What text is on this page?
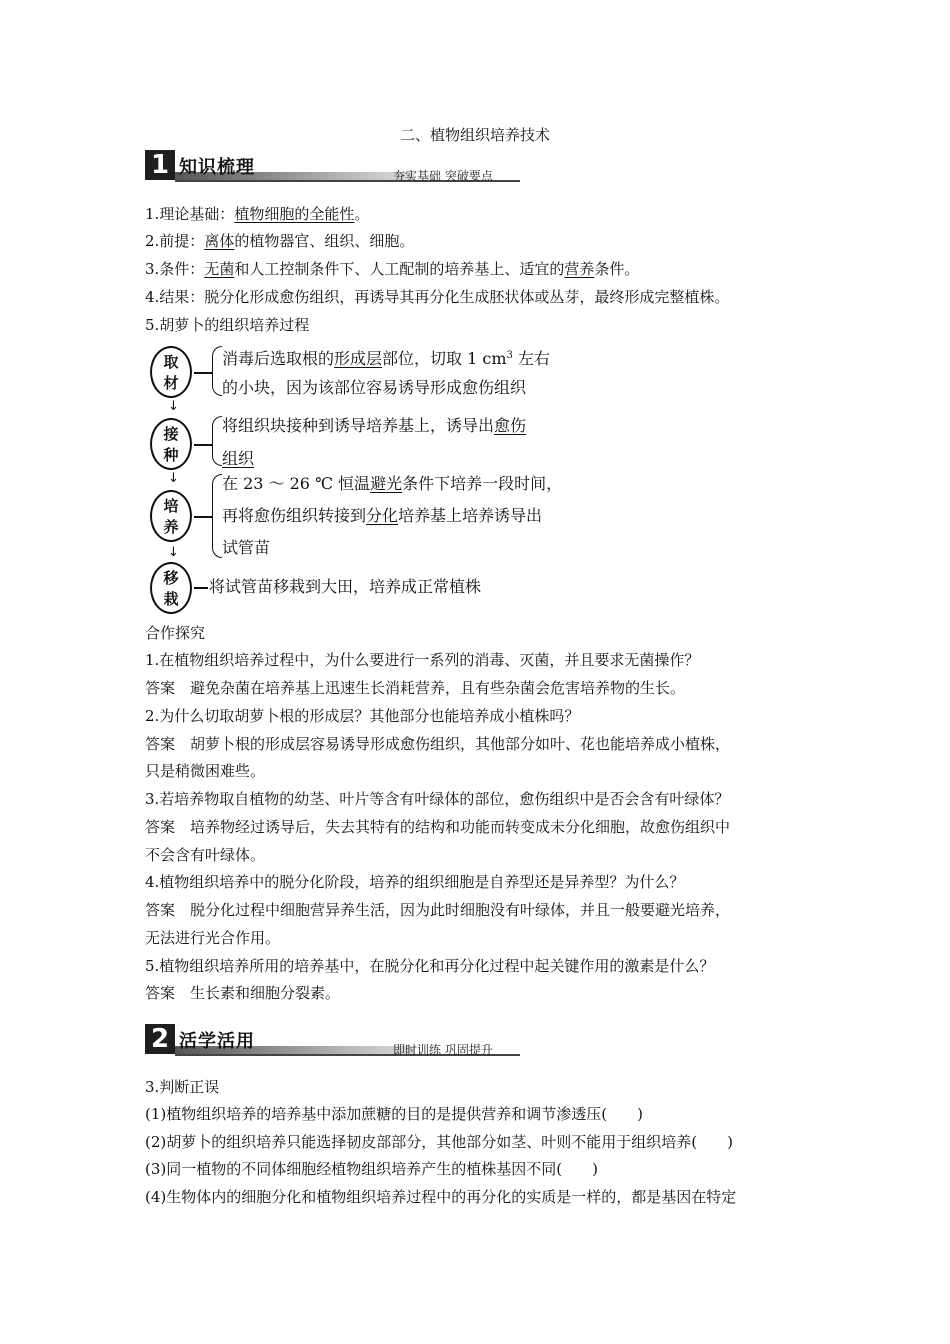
二、植物组织培养技术
1 知识梳理	夯实基础 突破要点
1.理论基础：植物细胞的全能性。
2.前提：离体的植物器官、组织、细胞。
3.条件：无菌和人工控制条件下、人工配制的培养基上、适宜的营养条件。
4.结果：脱分化形成愈伤组织，再诱导其再分化生成胚状体或丛芽，最终形成完整植株。
5.胡萝卜的组织培养过程
取
材
消毒后选取根的形成层部位，切取 1 $cm^3$ 左右
的小块，因为该部位容易诱导形成愈伤组织
↓
接
种
将组织块接种到诱导培养基上，诱导出愈伤
组织
↓
培
养
在 23 ～ 26 ℃ 恒温避光条件下培养一段时间，
再将愈伤组织转接到分化培养基上培养诱导出
试管苗
↓
移
栽
将试管苗移栽到大田，培养成正常植株
合作探究
1.在植物组织培养过程中，为什么要进行一系列的消毒、灭菌，并且要求无菌操作？
答案　避免杂菌在培养基上迅速生长消耗营养，且有些杂菌会危害培养物的生长。
2.为什么切取胡萝卜根的形成层？其他部分也能培养成小植株吗？
答案　胡萝卜根的形成层容易诱导形成愈伤组织，其他部分如叶、花也能培养成小植株，
只是稍微困难些。
3.若培养物取自植物的幼茎、叶片等含有叶绿体的部位，愈伤组织中是否会含有叶绿体？
答案　培养物经过诱导后，失去其特有的结构和功能而转变成未分化细胞，故愈伤组织中
不会含有叶绿体。
4.植物组织培养中的脱分化阶段，培养的组织细胞是自养型还是异养型？为什么？
答案　脱分化过程中细胞营异养生活，因为此时细胞没有叶绿体，并且一般要避光培养，
无法进行光合作用。
5.植物组织培养所用的培养基中，在脱分化和再分化过程中起关键作用的激素是什么？
答案　生长素和细胞分裂素。
2 活学活用	即时训练 巩固提升
3.判断正误
(1)植物组织培养的培养基中添加蔗糖的目的是提供营养和调节渗透压(　　)
(2)胡萝卜的组织培养只能选择韧皮部部分，其他部分如茎、叶则不能用于组织培养(　　)
(3)同一植物的不同体细胞经植物组织培养产生的植株基因不同(　　)
(4)生物体内的细胞分化和植物组织培养过程中的再分化的实质是一样的，都是基因在特定
